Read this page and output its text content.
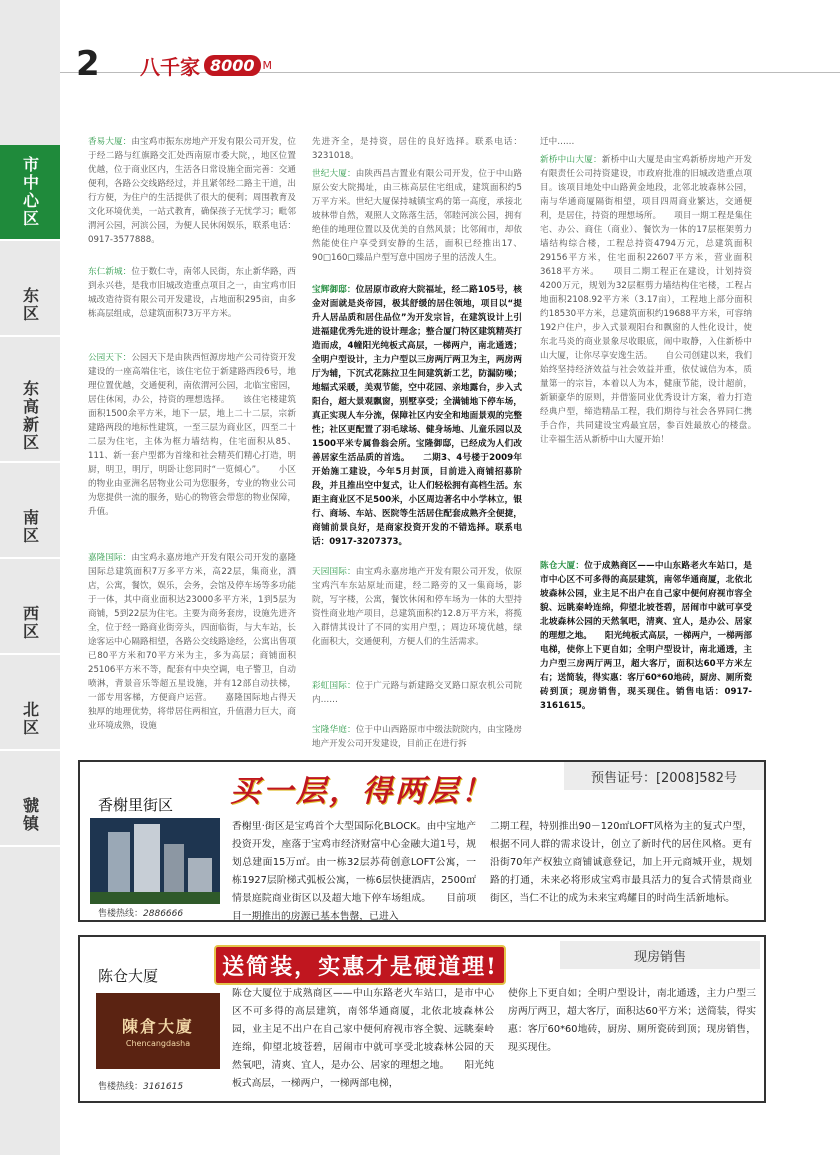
市中心区
东区
东高新区
南区
西区
北区
虢镇
2 八千家 8000 M

香易大厦：由宝鸡市振东房地产开发有限公司开发，位于经二路与红旗路交汇处西南原市委大院，，地区位置优越，位于商业区内，生活各日常设施全面完善：交通便利，各路公交线路经过，并且紧邻经二路主干道，出行方便，为住户的生活提供了很大的便利；周围教育及文化环境优美，一站式教育，确保孩子无忧学习；毗邻渭河公园，河滨公园，为便人民休闲娱乐，联系电话：0917-3577888。

东仁新城：位于数仁寺，南邻人民街，东止新华路，西到永兴巷，是我市旧城改造重点项目之一，由宝鸡市旧城改造待资有限公司开发建设，占地面积295亩，由多栋高层组成，总建筑面积73万平方米。

公园天下：公园天下是由陕西恒源房地产公司待资开发建设的一座高端住宅，该住宅位于新建路西段6号，地理位置优越，交通便利，南依渭河公园，北临宝密园，居住休闲，办公，持资的理想选择。　　该住宅楼建筑面积1500余平方米，地下一层，地上二十二层，宗新建路两段的地标性建筑，一至三层为商业区，四至二十二层为住宅，主体为框力墙结构，住宅面积从85、111、新一套户型都为首缘和社会精英们精心打造，明厨，明卫，明厅，明卧让您同时“一览倾心”。　　小区的物业由亚洲名居物业公司为您服务，专业的物业公司为您提供一流的服务，贴心的物管会带您的物业保障，升值。

嘉隆国际：由宝鸡永嘉房地产开发有限公司开发的嘉隆国际总建筑面积7万多平方米，高22层，集商业，酒店，公寓，餐饮，娱乐，会务，会馆及停车场等多功能于一体，其中商业面积达23000多平方米，1到5层为商铺，5到22层为住宅。主要为商务套房，设施先进齐全，位于经一路商业街旁头，四面临街，与大车站，长途客运中心隔路相望，各路公交线路途经，公寓出售项已80平方米和70平方米为主，多为高层；商铺面积25106平方米不等，配套有中央空调，电子警卫，自动喷淋，背景音乐等超五星设施，并有12部自动扶梯，一部专用客梯，方便商户运营。　　嘉隆国际地占得天独厚的地理优势，将带居住两相宜，升值潜力巨大，商业环境成熟，设施

先进齐全，是持资，居住的良好选择。联系电话：3231018。

世纪大厦：由陕西昌吉置业有限公司开发，位于中山路原公安大院揭址，由三栋高层住宅组成，建筑面积约5万平方米。世纪大厦保持城镇宝鸡的第一高度，承接北坡林带自然，观照人文陈落生活，邻睦河滨公园，拥有绝佳的地理位置以及优美的自然风景；比邻闹市，却依然能使住户享受到安静的生活，面积已经推出17、90□160□臻品户型写意中国房子里的活泼人生。

宝辉御邸：位居原市政府大院福址，经二路105号，核金对面就是炎帝园，极其舒缓的居住领地，项目以“提升人居品质和居住品位”为开发宗旨，在建筑设计上引进福建优秀先进的设计理念；整合厦门特区建筑精英打造而成，4幢阳光纯板式高层，一梯两户，南北通透；全明户型设计，主力户型以三房两厅两卫为主，两房两厅为辅，下沉式花陈拉卫生间建筑新工艺，防漏防噪；地辐式采暖，美观节能，空中花园、亲地露台，步入式阳台，超大景观飘窗，别墅享受；全满铺地下停车场，真正实现人车分流，保障社区内安全和地面景观的完整性；社区更配置了羽毛球场、健身场地、儿童乐园以及1500平米专属鲁翁会所。宝隆御邸，已经成为人们改善居家生活品质的首选。　　二期3、4号楼于2009年开始施工建设，今年5月封顶，目前进入商铺招募阶段，并且推出空中复式，让人们轻松拥有高档生活。东距主商业区不足500米，小区周边著名中小学林立，银行、商场、车站、医院等生活居住配套成熟齐全便捷，商铺前景良好，是商家投资开发的不错选择。联系电话：0917-3207373。

天园国际：由宝鸡永嘉房地产开发有限公司开发，依原宝鸡汽车东站原址而建，经二路旁的又一集商场，影院，写字楼，公寓，餐饮休闲和停车场为一体的大型持资性商业地产项目，总建筑面积约12.8万平方米，将揽入群情其设计了不同的实用户型，；周边环境优越，绿化面积大，交通便利，方便人们的生活需求。

彩虹国际：位于广元路与新建路交叉路口原农机公司院内……

宝隆华庭：位于中山西路原市中级法院院内，由宝隆房地产开发公司开发建设，目前正在进行拆

迁中……

新桥中山大厦：新桥中山大厦是由宝鸡新桥房地产开发有限责任公司持资建设，市政府批准的旧城改造重点项目。该项目地处中山路黄金地段，北邻北坡森林公园，南与华通商厦隔街相望，项目四周商业繁达，交通便利，是居住，持资的理想场所。　　项目一期工程是集住宅、办公、商住（商业）、餐饮为一体的17层框架剪力墙结构综合楼，工程总持资4794万元，总建筑面积29156平方米，住宅面积22607平方米，营业面积3618平方米。　　项目二期工程正在建设，计划持资4200万元，规划为32层框剪力墙结构住宅楼，工程占地面积2108.92平方米（3.17亩），工程地上部分面积约18530平方米，总建筑面积约19688平方米，可容纳192户住户，步入式景观阳台和飘窗的人性化设计，使东北马炎的商业景象尽收眼底，闹中取静，入住新桥中山大厦，让你尽享安逸生活。　　自公司创建以来，我们始终坚持经济效益与社会效益并重，依仗诚信为本，质量第一的宗旨，本着以人为本，健康节能，设计超前，新颖豪华的原则，并借鉴同业优秀设计方案，着力打造经典户型，缔造精品工程，我们期待与社会各界同仁携手合作，共同建设宝鸡最宜居，参百姓最放心的楼盘。　　让幸福生活从新桥中山大厦开始！

陈仓大厦：位于成熟商区——中山东路老火车站口，是市中心区不可多得的高层建筑，南邻华通商厦，北依北坡森林公园，业主足不出户在自己家中便何府视市容全貌、远眺秦岭连绵，仰望北坡苍碧，居闹市中就可享受北坡森林公园的天然氧吧，清爽、宜人，是办公、居家的理想之地。　　阳光纯板式高层，一梯两户，一梯两部电梯，使你上下更自如；全明户型设计，南北通透，主力户型三房两厅两卫，超大客厅，面积达60平方米左右；送简装，得实惠：客厅60*60地砖，厨房、厕所瓷砖到顶；现房销售，现买现住。销售电话：0917-3161615。

买一层，得两层！	预售证号：[2008]582号
香榭里街区
售楼热线：2886666
香榭里·街区是宝鸡首个大型国际化BLOCK。由中宝地产投资开发，座落于宝鸡市经济财富中心金融大道1号，规划总建面15万㎡。由一栋32层苏荷创意LOFT公寓，一栋1927层阶梯式弧板公寓，一栋6层快捷酒店，2500㎡情景庭院商业街区以及超大地下停车场组成。　　目前项目一期推出的房源已基本售罄，已进入
二期工程，特别推出90－120㎡LOFT风格为主的复式户型，根据不同人群的需求设计，创立了新时代的居住风格。更有沿街70年产权独立商铺诚意登记，加上开元商城开业，规划路的打通，未来必将形成宝鸡市最具活力的复合式情景商业街区，当仁不让的成为未来宝鸡耀目的时尚生活新地标。
送简装，实惠才是硬道理!	现房销售
陈仓大厦
陳倉大廈
Chencangdasha
售楼热线：3161615
陈仓大厦位于成熟商区——中山东路老火车站口，是市中心区不可多得的高层建筑，南邻华通商厦，北依北坡森林公园，业主足不出户在自己家中便何府视市容全貌、远眺秦岭连绵，仰望北坡苍碧，居闹市中就可享受北坡森林公园的天然氧吧，清爽、宜人，是办公、居家的理想之地。　　阳光纯板式高层，一梯两户，一梯两部电梯，
使你上下更自如；全明户型设计，南北通透，主力户型三房两厅两卫，超大客厅，面积达60平方米；送简装，得实惠：客厅60*60地砖，厨房、厕所瓷砖到顶；现房销售，现买现住。
